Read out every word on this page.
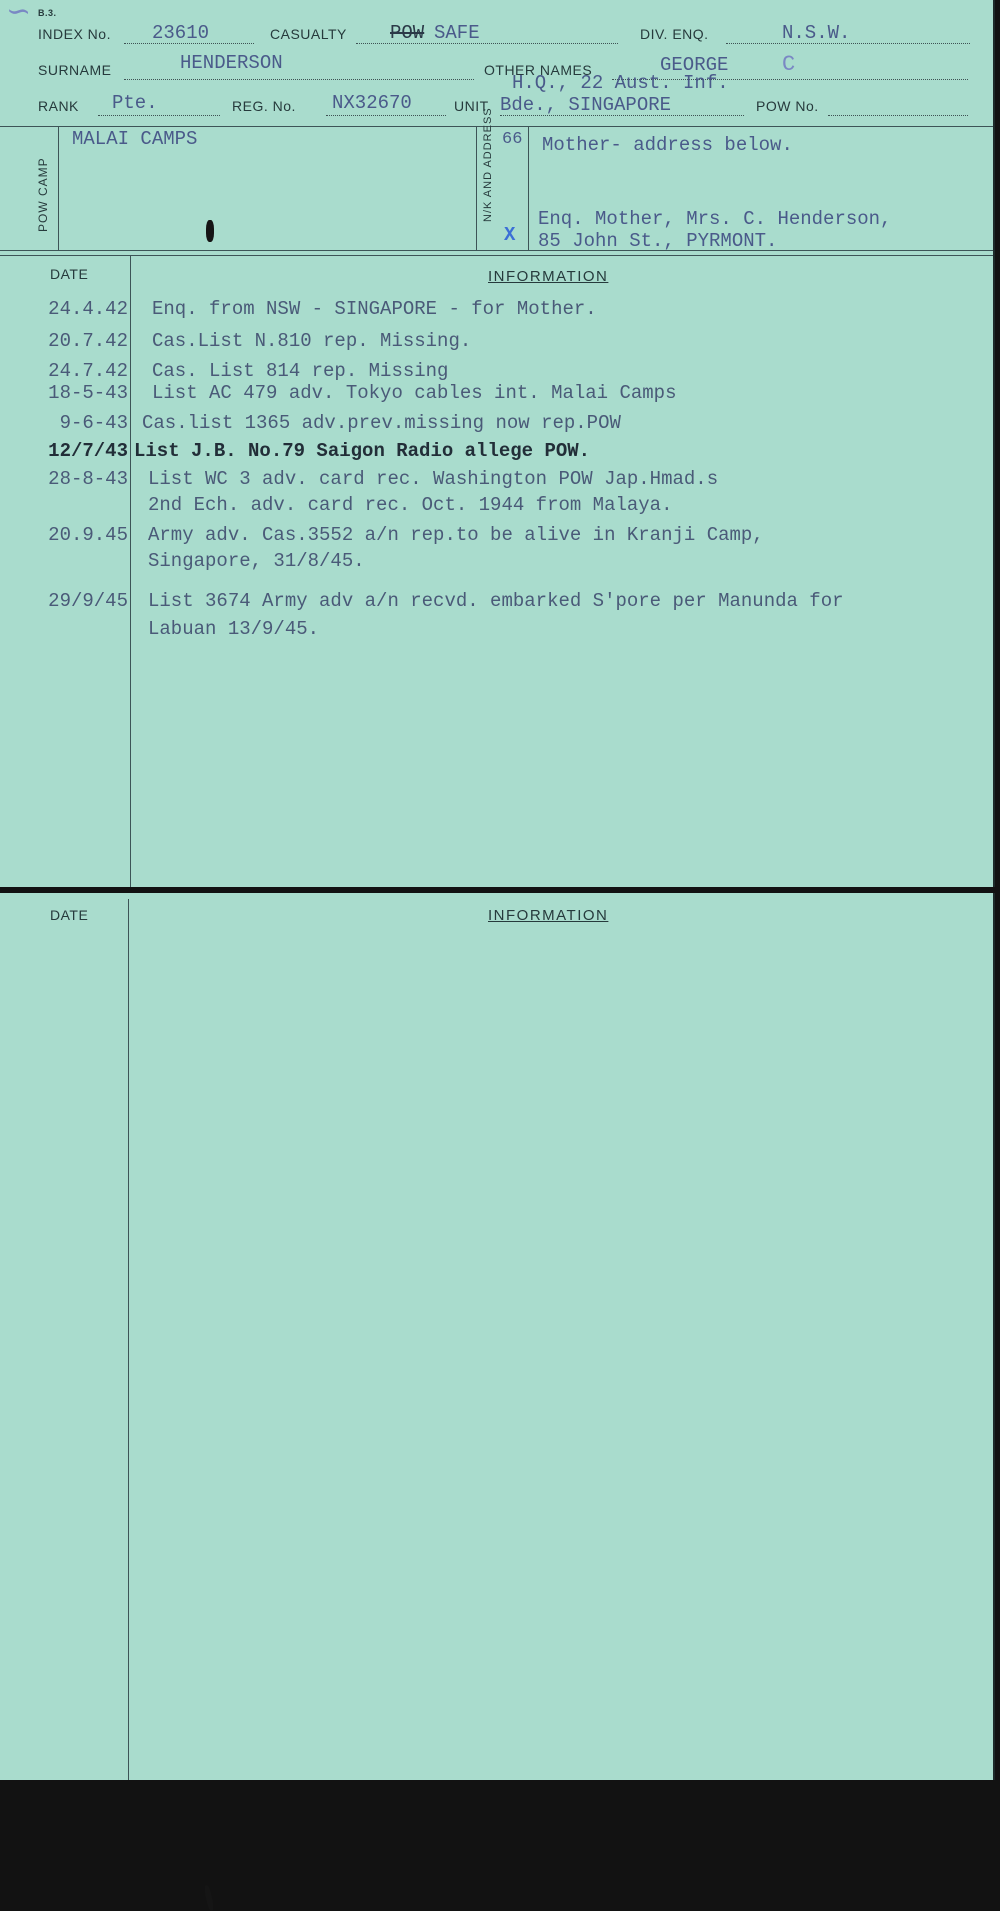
∽ B.3.
INDEX No. 23610	CASUALTY POW SAFE	DIV. ENQ.	N.S.W.
SURNAME	HENDERSON	OTHER NAMES	GEORGE C
RANK Pte.	REG. No. NX32670	UNIT
H.Q., 22 Aust. Inf.
Bde., SINGAPORE	POW No.
POW CAMP
MALAI CAMPS	66
N/K AND ADDRESS
X
Mother- address below.
Enq. Mother, Mrs. C. Henderson,
85 John St., PYRMONT.
DATE	INFORMATION
24.4.42 Enq. from NSW - SINGAPORE - for Mother.
20.7.42 Cas.List N.810 rep. Missing.
24.7.42 Cas. List 814 rep. Missing
18-5-43 List AC 479 adv. Tokyo cables int. Malai Camps
9-6-43 Cas.list 1365 adv.prev.missing now rep.POW
12/7/43 List J.B. No.79 Saigon Radio allege POW.
28-8-43 List WC 3 adv. card rec. Washington POW Jap.Hmad.s
2nd Ech. adv. card rec. Oct. 1944 from Malaya.
20.9.45 Army adv. Cas.3552 a/n rep.to be alive in Kranji Camp,
Singapore, 31/8/45.
29/9/45 List 3674 Army adv a/n recvd. embarked S'pore per Manunda for
Labuan 13/9/45.
DATE	INFORMATION
